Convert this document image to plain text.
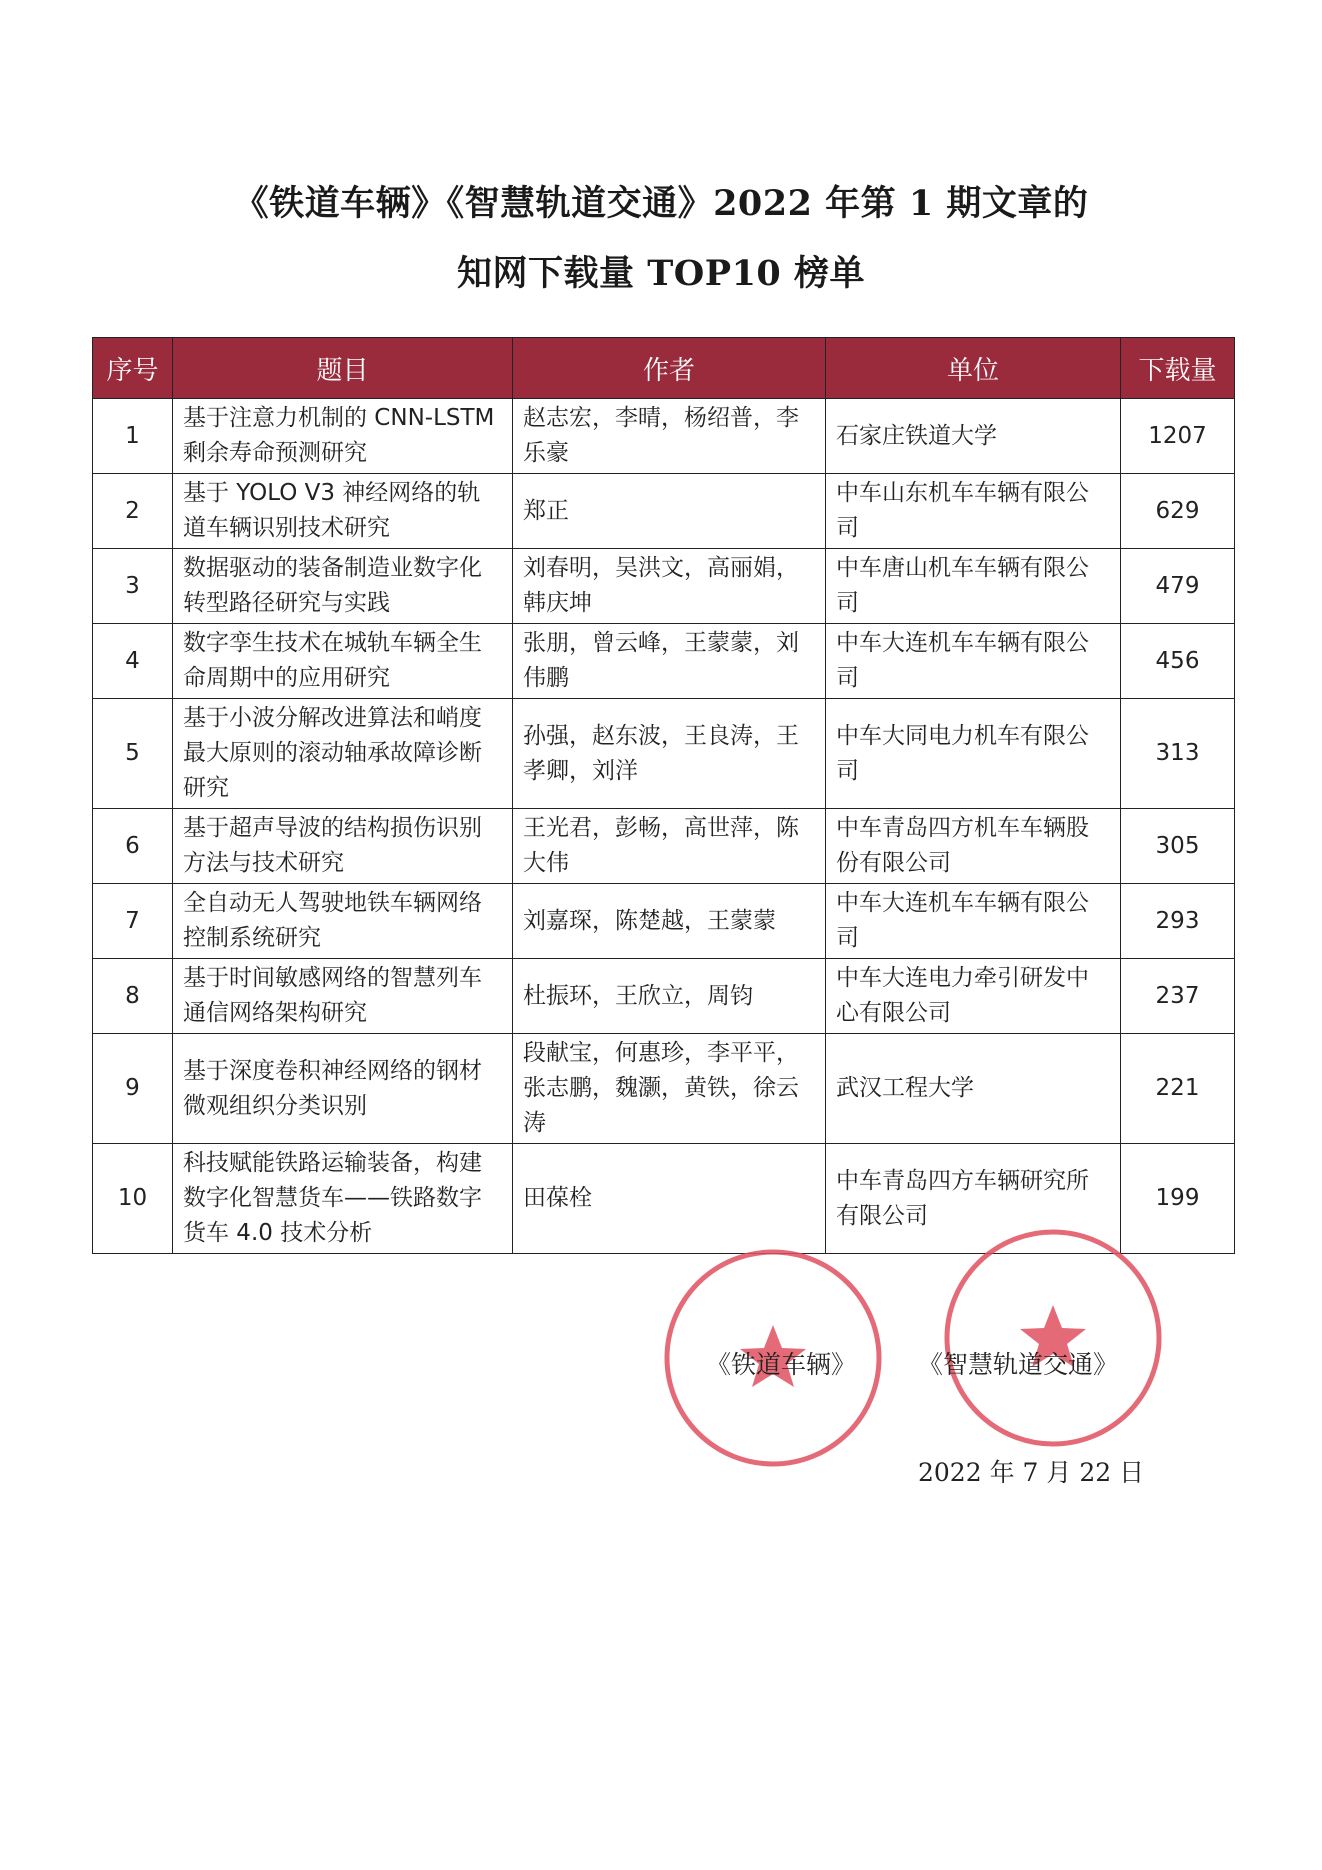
《铁道车辆》《智慧轨道交通》2022 年第 1 期文章的
知网下载量 TOP10 榜单
序号	题目	作者	单位	下载量
1	基于注意力机制的 CNN-LSTM 剩余寿命预测研究	赵志宏，李晴，杨绍普，李乐豪	石家庄铁道大学	1207
2	基于 YOLO V3 神经网络的轨道车辆识别技术研究	郑正	中车山东机车车辆有限公司	629
3	数据驱动的装备制造业数字化转型路径研究与实践	刘春明，吴洪文，高丽娟，韩庆坤	中车唐山机车车辆有限公司	479
4	数字孪生技术在城轨车辆全生命周期中的应用研究	张朋，曾云峰，王蒙蒙，刘伟鹏	中车大连机车车辆有限公司	456
5	基于小波分解改进算法和峭度最大原则的滚动轴承故障诊断研究	孙强，赵东波，王良涛，王孝卿，刘洋	中车大同电力机车有限公司	313
6	基于超声导波的结构损伤识别方法与技术研究	王光君，彭畅，高世萍，陈大伟	中车青岛四方机车车辆股份有限公司	305
7	全自动无人驾驶地铁车辆网络控制系统研究	刘嘉琛，陈楚越，王蒙蒙	中车大连机车车辆有限公司	293
8	基于时间敏感网络的智慧列车通信网络架构研究	杜振环，王欣立，周钧	中车大连电力牵引研发中心有限公司	237
9	基于深度卷积神经网络的钢材微观组织分类识别	段献宝，何惠珍，李平平，张志鹏，魏灏，黄铁，徐云涛	武汉工程大学	221
10	科技赋能铁路运输装备，构建数字化智慧货车——铁路数字货车 4.0 技术分析	田葆栓	中车青岛四方车辆研究所有限公司	199
《铁道车辆》 《智慧轨道交通》
2022 年 7 月 22 日
